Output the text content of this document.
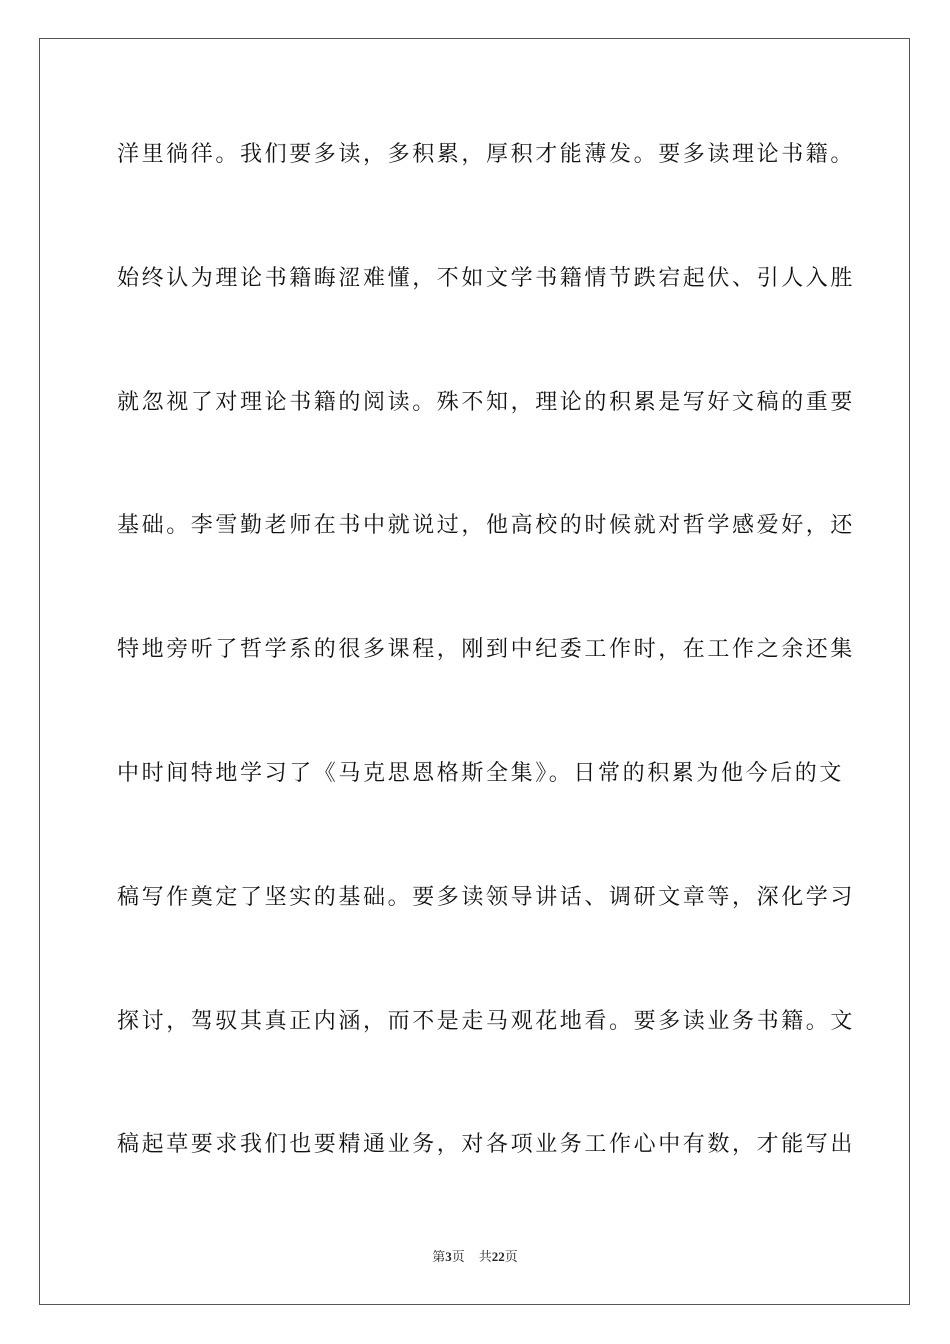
洋里徜徉。我们要多读，多积累，厚积才能薄发。要多读理论书籍。
始终认为理论书籍晦涩难懂，不如文学书籍情节跌宕起伏、引人入胜
就忽视了对理论书籍的阅读。殊不知，理论的积累是写好文稿的重要
基础。李雪勤老师在书中就说过，他高校的时候就对哲学感爱好，还
特地旁听了哲学系的很多课程，刚到中纪委工作时，在工作之余还集
中时间特地学习了《马克思恩格斯全集》。日常的积累为他今后的文
稿写作奠定了坚实的基础。要多读领导讲话、调研文章等，深化学习
探讨，驾驭其真正内涵，而不是走马观花地看。要多读业务书籍。文
稿起草要求我们也要精通业务，对各项业务工作心中有数，才能写出
第3页 共22页
